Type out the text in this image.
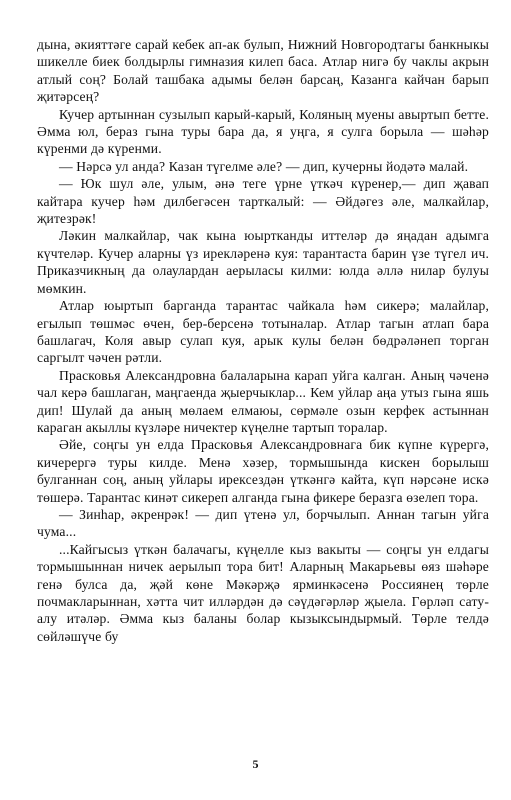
дына, әкияттәге сарай кебек ап-ак булып, Нижний Новгородтагы банкныкы шикелле биек болдырлы гимназия килеп баса. Атлар нигә бу чаклы акрын атлый соң? Болай ташбака адымы белән барсаң, Казанга кайчан барып җитәрсең?

Кучер артыннан сузылып карый-карый, Коляның муены авыртып бетте. Әмма юл, бераз гына туры бара да, я уңга, я сулга борыла — шәһәр күренми дә күренми.

— Нәрсә ул анда? Казан түгелме әле? — дип, кучерны йодәтә малай.

— Юк шул әле, улым, әнә теге үрне үткәч күренер,— дип җавап кайтара кучер һәм дилбегәсен тарткалый: — Әйдәгез әле, малкайлар, җитезрәк!

Ләкин малкайлар, чак кына юыртканды иттеләр дә яңадан адымга күчтеләр. Кучер аларны үз ирекләренә куя: тарантаста барин үзе түгел ич. Приказчикның да олаулардан аерыласы килми: юлда әллә нилар булуы мөмкин.

Атлар юыртып барганда тарантас чайкала һәм сикерә; малайлар, егылып төшмәс өчен, бер-берсенә тотыналар. Атлар тагын атлап бара башлагач, Коля авыр сулап куя, арык кулы белән бөдрәләнеп торган саргылт чәчен рәтли.

Прасковья Александровна балаларына карап уйга калган. Аның чәченә чал керә башлаган, маңгаенда җыерчыклар... Кем уйлар аңа утыз гына яшь дип! Шулай да аның мөлаем елмаюы, сөрмәле озын керфек астыннан караган акыллы күзләре ничектер күңелне тартып торалар.

Әйе, соңгы ун елда Прасковья Александровнага бик күпне күрергә, кичерергә туры килде. Менә хәзер, тормышында кискен борылыш булганнан соң, аның уйлары ирексездән үткәнгә кайта, күп нәрсәне искә төшерә. Тарантас кинәт сикереп алганда гына фикере беразга өзелеп тора.

— Зинһар, әкренрәк! — дип үтенә ул, борчылып. Аннан тагын уйга чума...

...Кайгысыз үткән балачагы, күңелле кыз вакыты — соңгы ун елдагы тормышыннан ничек аерылып тора бит! Аларның Макарьевы өяз шәһәре генә булса да, җәй көне Мәкәрҗә ярминкәсенә Россиянең төрле почмакларыннан, хәтта чит илләрдән дә сәүдәгәрләр җыела. Гөрләп сату-алу итәләр. Әмма кыз баланы болар кызыксындырмый. Төрле телдә сөйләшүче бу

5
